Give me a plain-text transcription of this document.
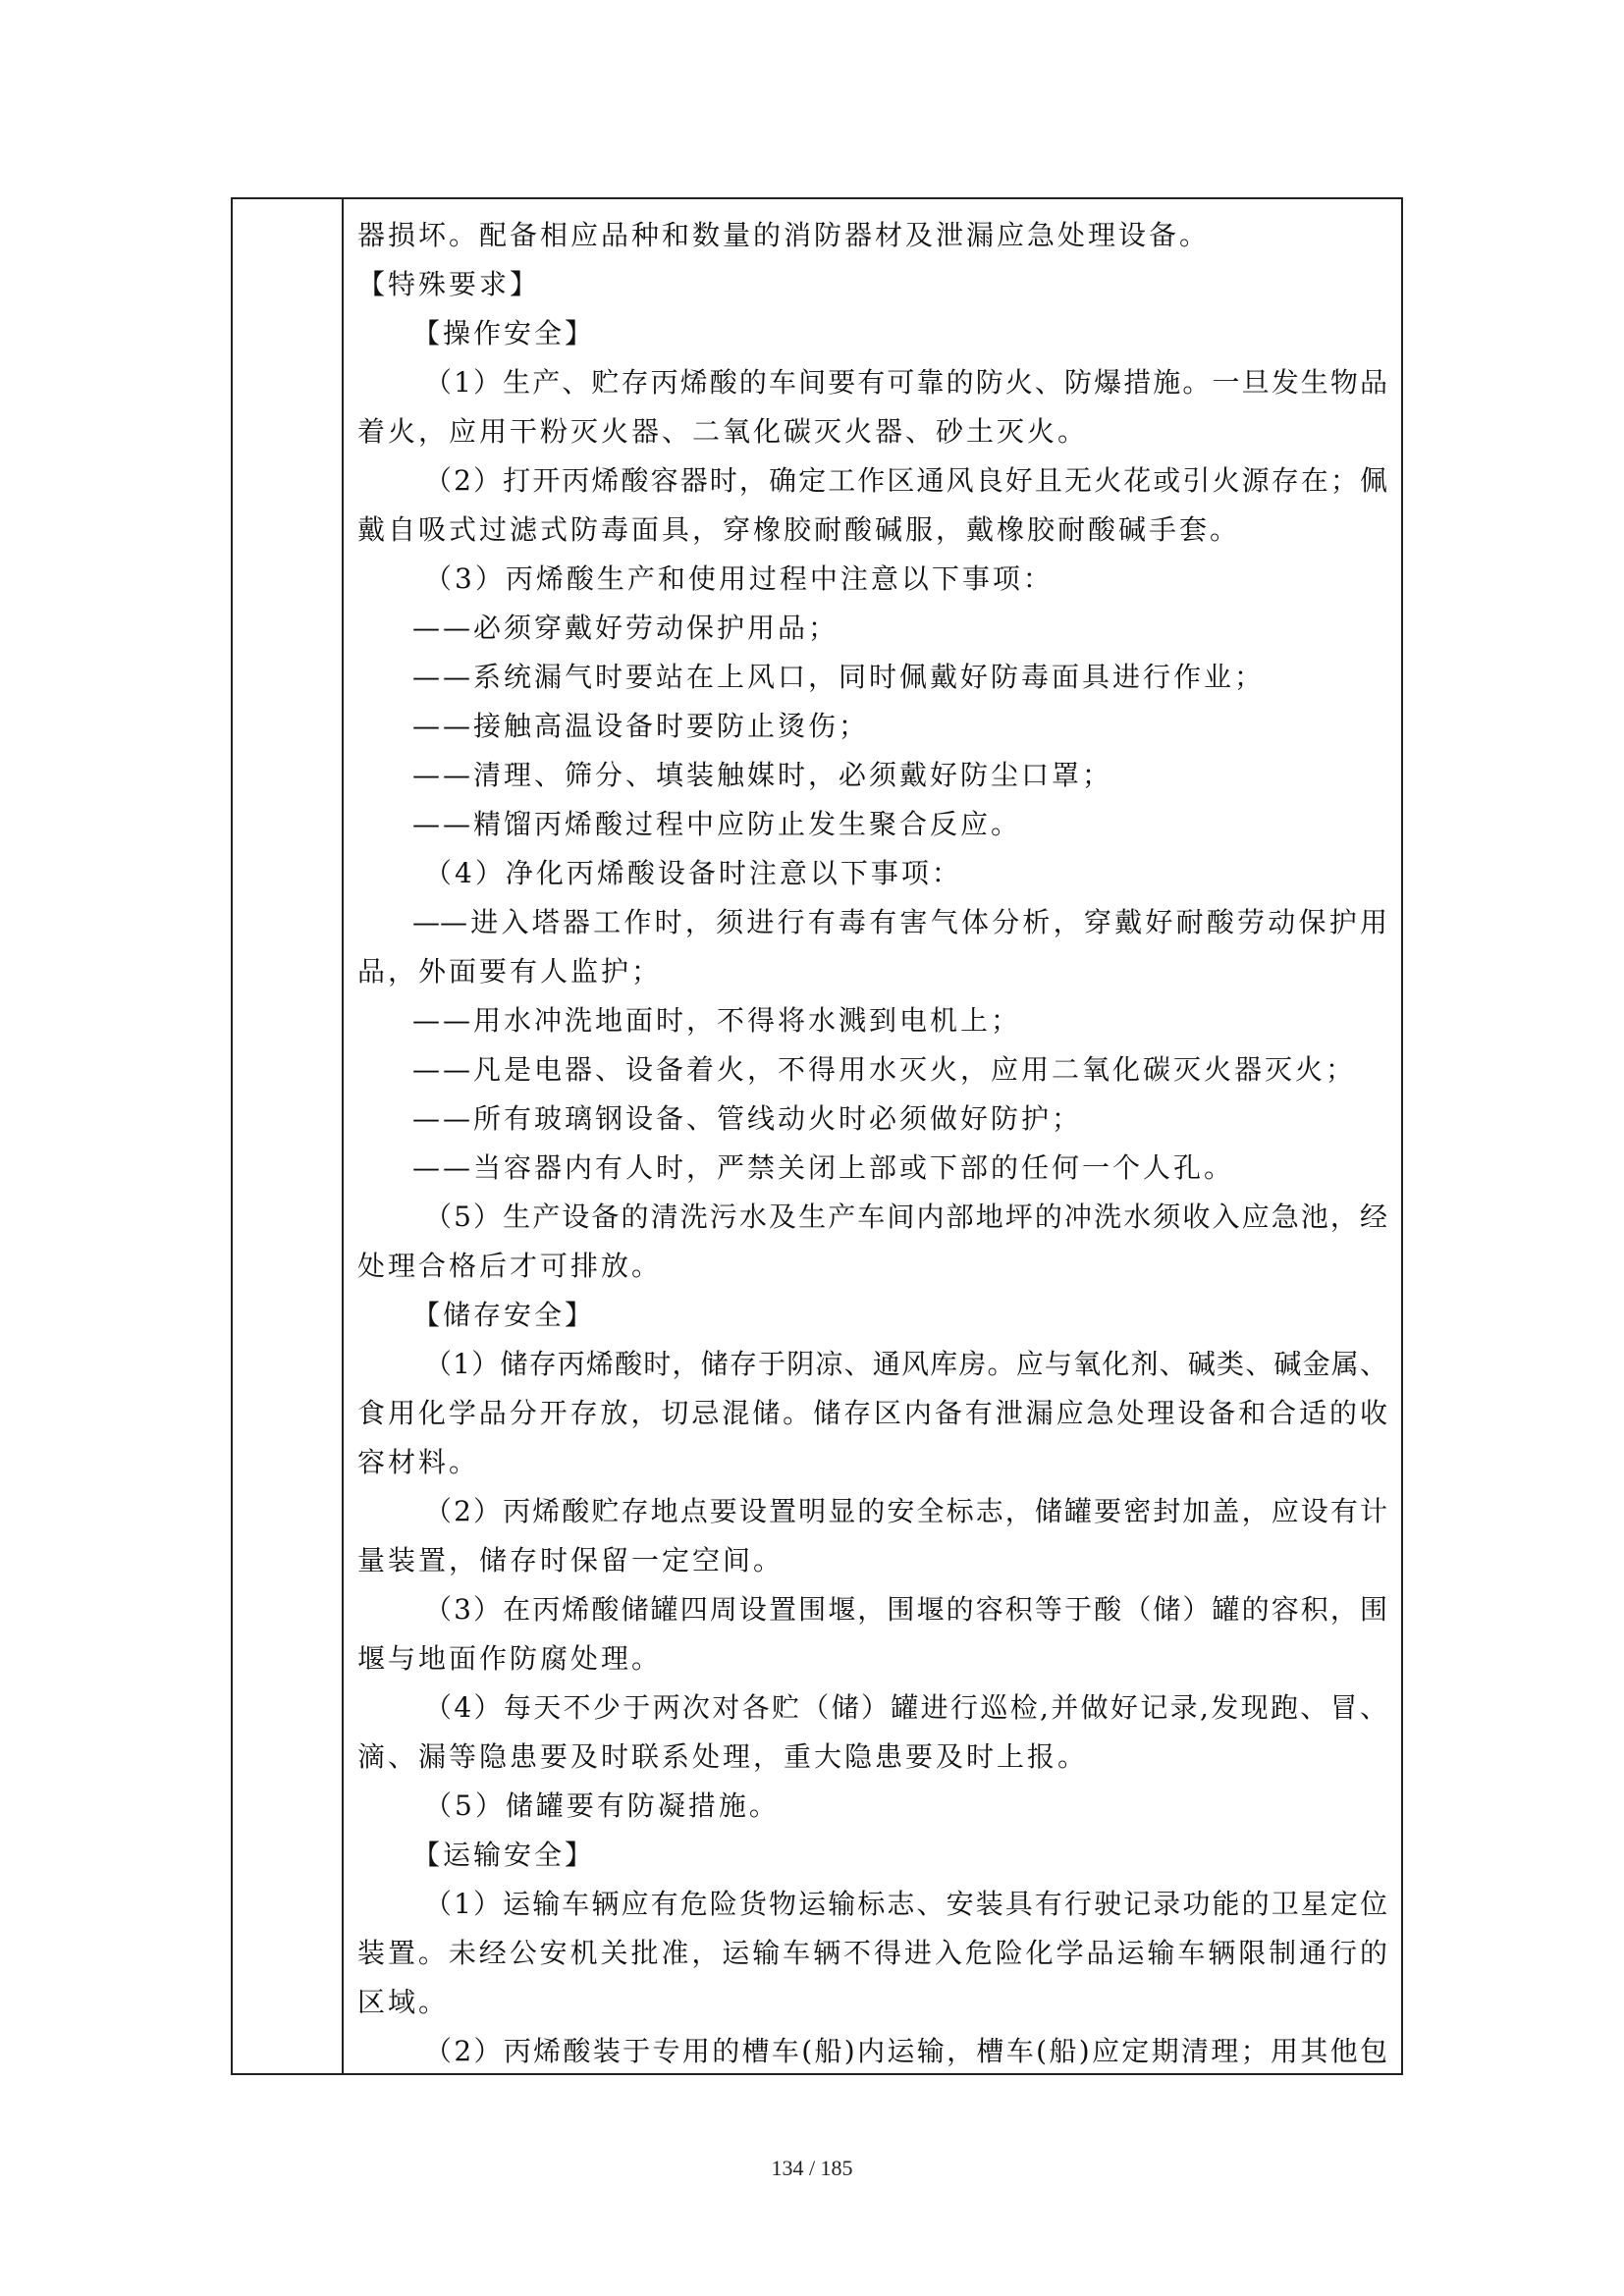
器损坏。配备相应品种和数量的消防器材及泄漏应急处理设备。
【特殊要求】
【操作安全】
（1）生产、贮存丙烯酸的车间要有可靠的防火、防爆措施。一旦发生物品
着火，应用干粉灭火器、二氧化碳灭火器、砂土灭火。
（2）打开丙烯酸容器时，确定工作区通风良好且无火花或引火源存在；佩
戴自吸式过滤式防毒面具，穿橡胶耐酸碱服，戴橡胶耐酸碱手套。
（3）丙烯酸生产和使用过程中注意以下事项：
——必须穿戴好劳动保护用品；
——系统漏气时要站在上风口，同时佩戴好防毒面具进行作业；
——接触高温设备时要防止烫伤；
——清理、筛分、填装触媒时，必须戴好防尘口罩；
——精馏丙烯酸过程中应防止发生聚合反应。
（4）净化丙烯酸设备时注意以下事项：
——进入塔器工作时，须进行有毒有害气体分析，穿戴好耐酸劳动保护用
品，外面要有人监护；
——用水冲洗地面时，不得将水溅到电机上；
——凡是电器、设备着火，不得用水灭火，应用二氧化碳灭火器灭火；
——所有玻璃钢设备、管线动火时必须做好防护；
——当容器内有人时，严禁关闭上部或下部的任何一个人孔。
（5）生产设备的清洗污水及生产车间内部地坪的冲洗水须收入应急池，经
处理合格后才可排放。
【储存安全】
（1）储存丙烯酸时，储存于阴凉、通风库房。应与氧化剂、碱类、碱金属、
食用化学品分开存放，切忌混储。储存区内备有泄漏应急处理设备和合适的收
容材料。
（2）丙烯酸贮存地点要设置明显的安全标志，储罐要密封加盖，应设有计
量装置，储存时保留一定空间。
（3）在丙烯酸储罐四周设置围堰，围堰的容积等于酸（储）罐的容积，围
堰与地面作防腐处理。
（4）每天不少于两次对各贮（储）罐进行巡检,并做好记录,发现跑、冒、
滴、漏等隐患要及时联系处理，重大隐患要及时上报。
（5）储罐要有防凝措施。
【运输安全】
（1）运输车辆应有危险货物运输标志、安装具有行驶记录功能的卫星定位
装置。未经公安机关批准，运输车辆不得进入危险化学品运输车辆限制通行的
区域。
（2）丙烯酸装于专用的槽车(船)内运输，槽车(船)应定期清理；用其他包
134 / 185
